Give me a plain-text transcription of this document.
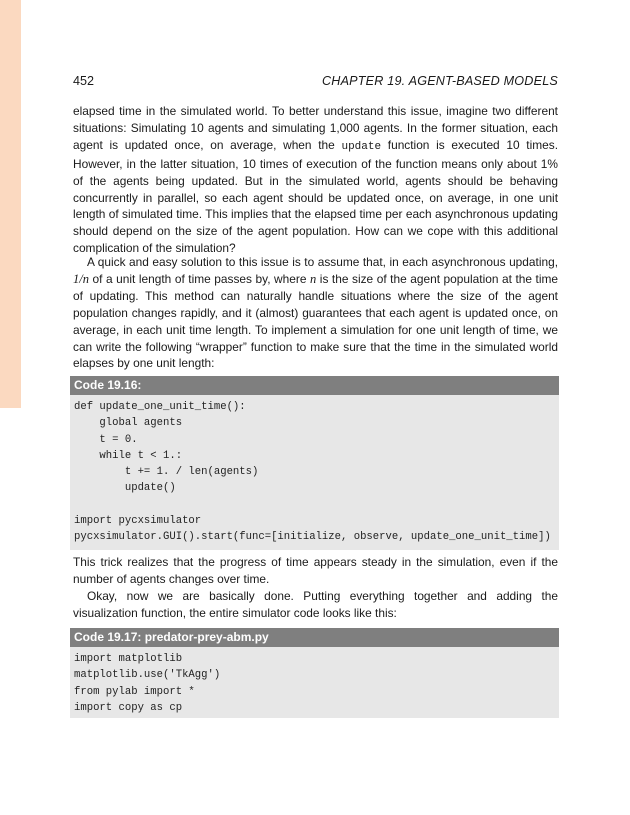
452	CHAPTER 19. AGENT-BASED MODELS

elapsed time in the simulated world. To better understand this issue, imagine two different situations: Simulating 10 agents and simulating 1,000 agents. In the former situation, each agent is updated once, on average, when the update function is executed 10 times. However, in the latter situation, 10 times of execution of the function means only about 1% of the agents being updated. But in the simulated world, agents should be behaving concurrently in parallel, so each agent should be updated once, on average, in one unit length of simulated time. This implies that the elapsed time per each asynchronous updating should depend on the size of the agent population. How can we cope with this additional complication of the simulation?

A quick and easy solution to this issue is to assume that, in each asynchronous updating, 1/n of a unit length of time passes by, where n is the size of the agent population at the time of updating. This method can naturally handle situations where the size of the agent population changes rapidly, and it (almost) guarantees that each agent is updated once, on average, in each unit time length. To implement a simulation for one unit length of time, we can write the following “wrapper” function to make sure that the time in the simulated world elapses by one unit length:

Code 19.16:
def update_one_unit_time():
global agents
t = 0.
while t < 1.:
t += 1. / len(agents)
update()

import pycxsimulator
pycxsimulator.GUI().start(func=[initialize, observe, update_one_unit_time])

This trick realizes that the progress of time appears steady in the simulation, even if the number of agents changes over time.

Okay, now we are basically done. Putting everything together and adding the visualization function, the entire simulator code looks like this:

Code 19.17: predator-prey-abm.py
import matplotlib
matplotlib.use('TkAgg')
from pylab import *
import copy as cp
